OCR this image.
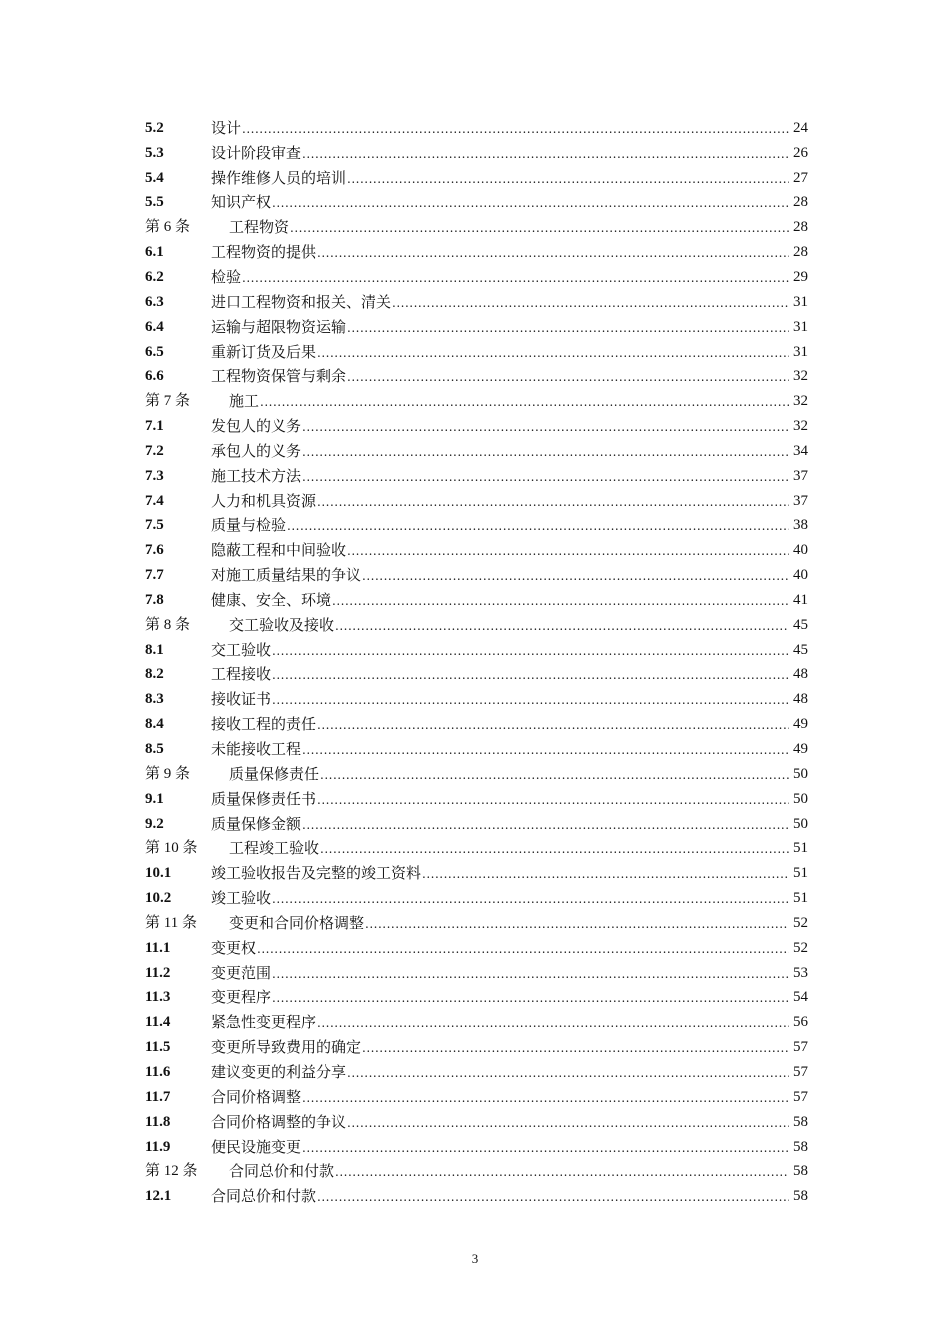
5.2	设计 .....	24
5.3	设计阶段审查 .....	26
5.4	操作维修人员的培训 .....	27
5.5	知识产权 .....	28
第 6 条	工程物资 .....	28
6.1	工程物资的提供 .....	28
6.2	检验 .....	29
6.3	进口工程物资和报关、清关 .....	31
6.4	运输与超限物资运输 .....	31
6.5	重新订货及后果 .....	31
6.6	工程物资保管与剩余 .....	32
第 7 条	施工 .....	32
7.1	发包人的义务 .....	32
7.2	承包人的义务 .....	34
7.3	施工技术方法 .....	37
7.4	人力和机具资源 .....	37
7.5	质量与检验 .....	38
7.6	隐蔽工程和中间验收 .....	40
7.7	对施工质量结果的争议 .....	40
7.8	健康、安全、环境 .....	41
第 8 条	交工验收及接收 .....	45
8.1	交工验收 .....	45
8.2	工程接收 .....	48
8.3	接收证书 .....	48
8.4	接收工程的责任 .....	49
8.5	未能接收工程 .....	49
第 9 条	质量保修责任 .....	50
9.1	质量保修责任书 .....	50
9.2	质量保修金额 .....	50
第 10 条	工程竣工验收 .....	51
10.1	竣工验收报告及完整的竣工资料 .....	51
10.2	竣工验收 .....	51
第 11 条	变更和合同价格调整 .....	52
11.1	变更权 .....	52
11.2	变更范围 .....	53
11.3	变更程序 .....	54
11.4	紧急性变更程序 .....	56
11.5	变更所导致费用的确定 .....	57
11.6	建议变更的利益分享 .....	57
11.7	合同价格调整 .....	57
11.8	合同价格调整的争议 .....	58
11.9	便民设施变更 .....	58
第 12 条	合同总价和付款 .....	58
12.1	合同总价和付款 .....	58
3
